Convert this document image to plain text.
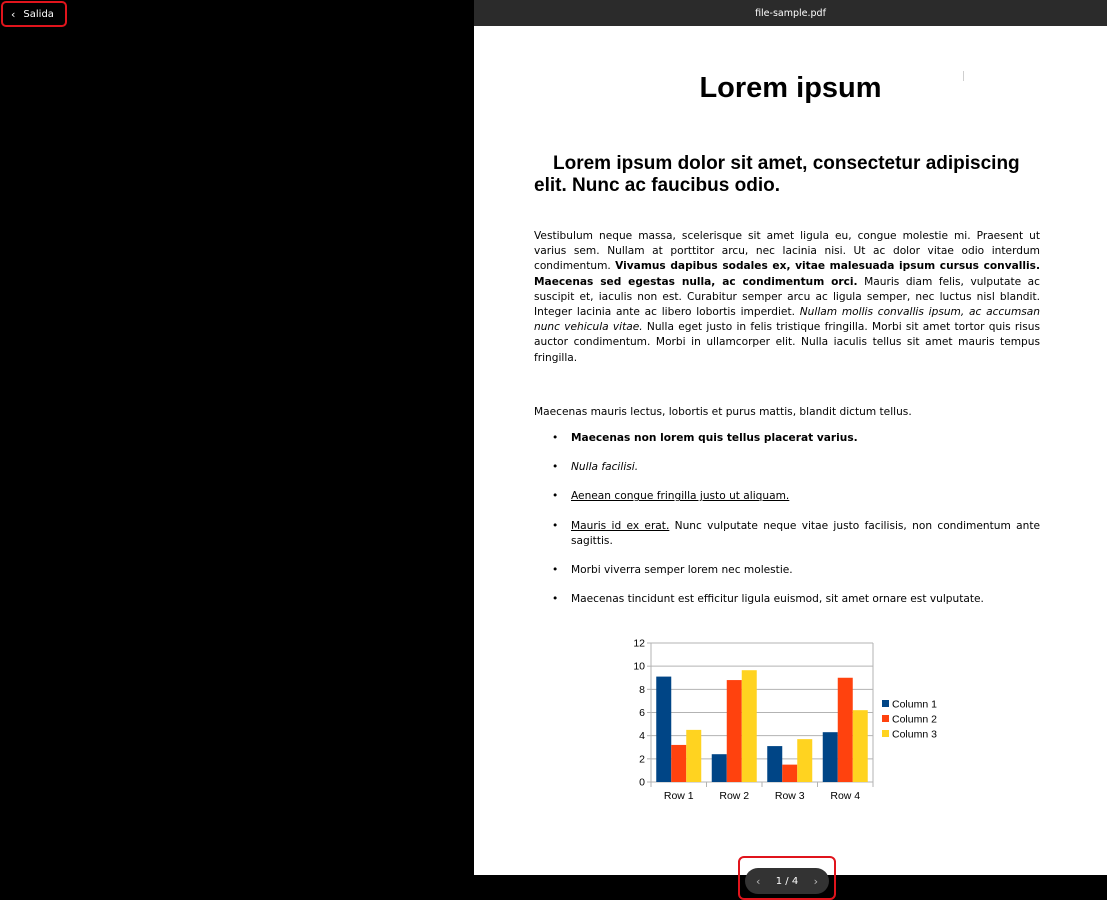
‹ Salida	file-sample.pdf
Lorem ipsum
Lorem ipsum dolor sit amet, consectetur adipiscing elit. Nunc ac faucibus odio.

Vestibulum neque massa, scelerisque sit amet ligula eu, congue molestie mi. Praesent ut varius sem. Nullam at porttitor arcu, nec lacinia nisi. Ut ac dolor vitae odio interdum condimentum. Vivamus dapibus sodales ex, vitae malesuada ipsum cursus convallis. Maecenas sed egestas nulla, ac condimentum orci. Mauris diam felis, vulputate ac suscipit et, iaculis non est. Curabitur semper arcu ac ligula semper, nec luctus nisl blandit. Integer lacinia ante ac libero lobortis imperdiet. Nullam mollis convallis ipsum, ac accumsan nunc vehicula vitae. Nulla eget justo in felis tristique fringilla. Morbi sit amet tortor quis risus auctor condimentum. Morbi in ullamcorper elit. Nulla iaculis tellus sit amet mauris tempus fringilla.

Maecenas mauris lectus, lobortis et purus mattis, blandit dictum tellus.

• Maecenas non lorem quis tellus placerat varius.
• Nulla facilisi.
• Aenean congue fringilla justo ut aliquam.
• Mauris id ex erat. Nunc vulputate neque vitae justo facilisis, non condimentum ante sagittis.
• Morbi viverra semper lorem nec molestie.
• Maecenas tincidunt est efficitur ligula euismod, sit amet ornare est vulputate.
0
2
4
6
8
10
12
Row 1 Row 2 Row 3 Row 4
Column 1
Column 2
Column 3
‹ 1 / 4 ›
